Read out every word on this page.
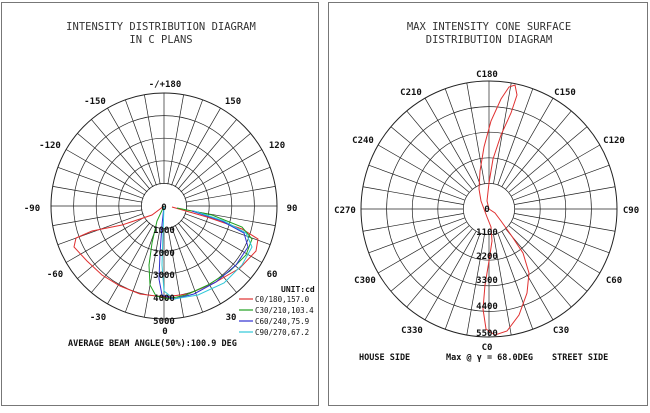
INTENSITY DISTRIBUTION DIAGRAM
IN C PLANS
-/+180
-150	150
-120	120
-90	90
-60	60
-30	30
0
0
1000
2000
3000
4000
5000
UNIT:cd
C0/180,157.0
C30/210,103.4
C60/240,75.9
C90/270,67.2
AVERAGE BEAM ANGLE(50%):100.9 DEG
MAX INTENSITY CONE SURFACE
DISTRIBUTION DIAGRAM
C180
C150
C120
C90
C60
C30
C0
C330
C300
C270
C240
C210
0
1100
2200
3300
4400
5500
HOUSE SIDE	Max @ γ = 68.0DEG STREET SIDE
